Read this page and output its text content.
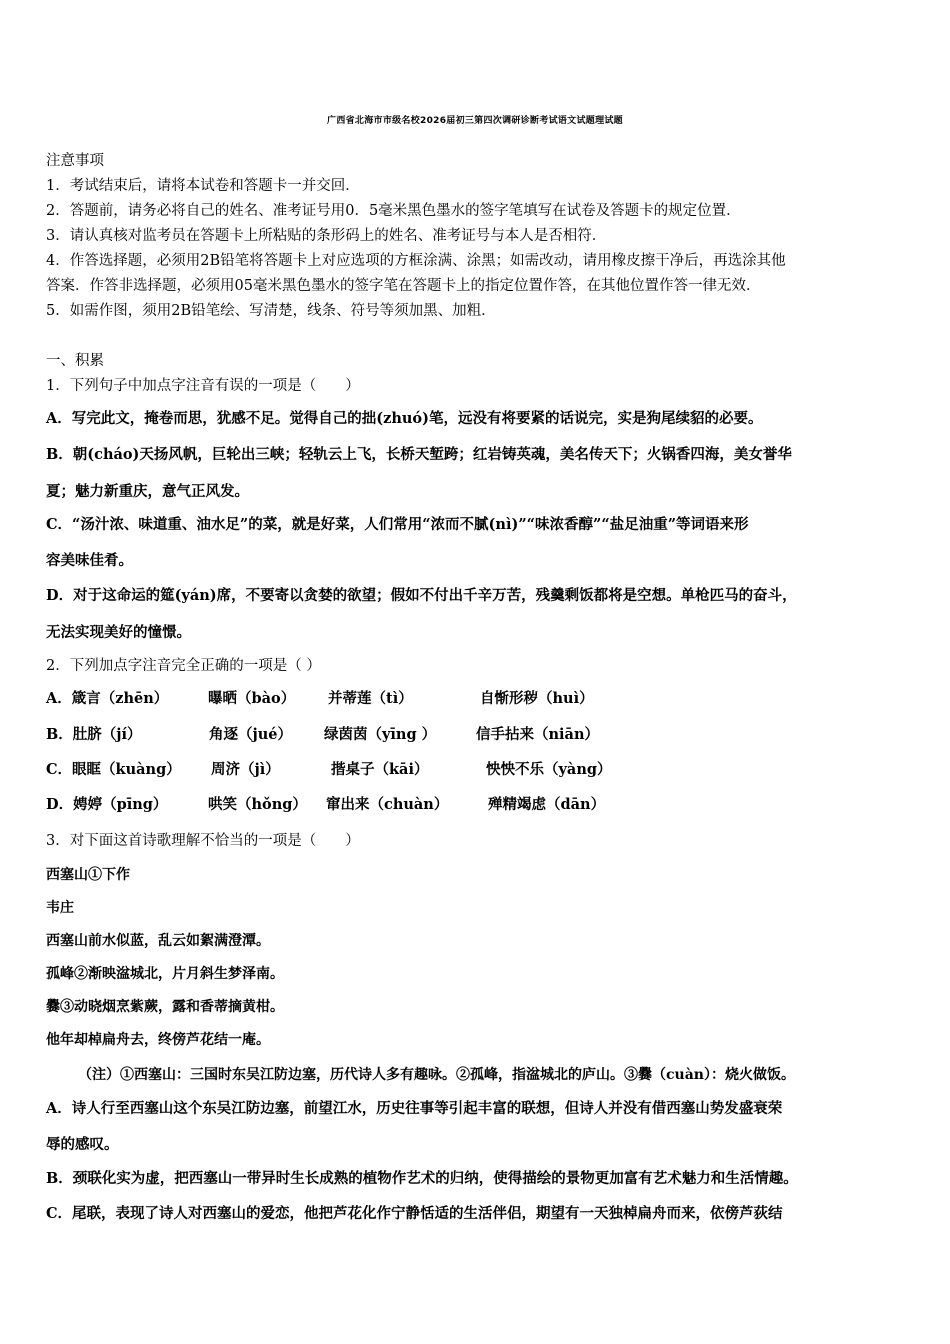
广西省北海市市级名校2026届初三第四次调研诊断考试语文试题理试题
注意事项
1．考试结束后，请将本试卷和答题卡一并交回．
2．答题前，请务必将自己的姓名、准考证号用0．5毫米黑色墨水的签字笔填写在试卷及答题卡的规定位置．
3．请认真核对监考员在答题卡上所粘贴的条形码上的姓名、准考证号与本人是否相符．
4．作答选择题，必须用2B铅笔将答题卡上对应选项的方框涂满、涂黑；如需改动，请用橡皮擦干净后，再选涂其他
答案．作答非选择题，必须用05毫米黑色墨水的签字笔在答题卡上的指定位置作答，在其他位置作答一律无效．
5．如需作图，须用2B铅笔绘、写清楚，线条、符号等须加黑、加粗．
一、积累
1．下列句子中加点字注音有误的一项是（　　）
A．写完此文，掩卷而思，犹感不足。觉得自己的拙(zhuó)笔，远没有将要紧的话说完，实是狗尾续貂的必要。
B．朝(cháo)天扬风帆，巨轮出三峡；轻轨云上飞，长桥天堑跨；红岩铸英魂，美名传天下；火锅香四海，美女誉华
夏；魅力新重庆，意气正风发。
C．“汤汁浓、味道重、油水足”的菜，就是好菜，人们常用“浓而不腻(nì)”“味浓香醇”“盐足油重”等词语来形
容美味佳肴。
D．对于这命运的筵(yán)席，不要寄以贪婪的欲望；假如不付出千辛万苦，残羹剩饭都将是空想。单枪匹马的奋斗，
无法实现美好的憧憬。
2．下列加点字注音完全正确的一项是（ ）
A．箴言（zhēn）	曝晒（bào） 并蒂莲（tì）	自惭形秽（huì）
B．肚脐（jí）	角逐（jué） 绿茵茵（yīng ）	信手拈来（niān）
C．眼眶（kuàng） 周济（jì）	揩桌子（kāi）	怏怏不乐（yàng）
D．娉婷（pīng）	哄笑（hǒng） 窜出来（chuàn）	殚精竭虑（dān）
3．对下面这首诗歌理解不恰当的一项是（　　）
西塞山①下作
韦庄
西塞山前水似蓝，乱云如絮满澄潭。
孤峰②渐映湓城北，片月斜生梦泽南。
爨③动晓烟烹紫蕨，露和香蒂摘黄柑。
他年却棹扁舟去，终傍芦花结一庵。
（注）①西塞山：三国时东吴江防边塞，历代诗人多有趣咏。②孤峰，指湓城北的庐山。③爨（cuàn）：烧火做饭。
A．诗人行至西塞山这个东吴江防边塞，前望江水，历史往事等引起丰富的联想，但诗人并没有借西塞山势发盛衰荣
辱的感叹。
B．颈联化实为虚，把西塞山一带异时生长成熟的植物作艺术的归纳，使得描绘的景物更加富有艺术魅力和生活情趣。
C．尾联，表现了诗人对西塞山的爱恋，他把芦花化作宁静恬适的生活伴侣，期望有一天独棹扁舟而来，依傍芦荻结
